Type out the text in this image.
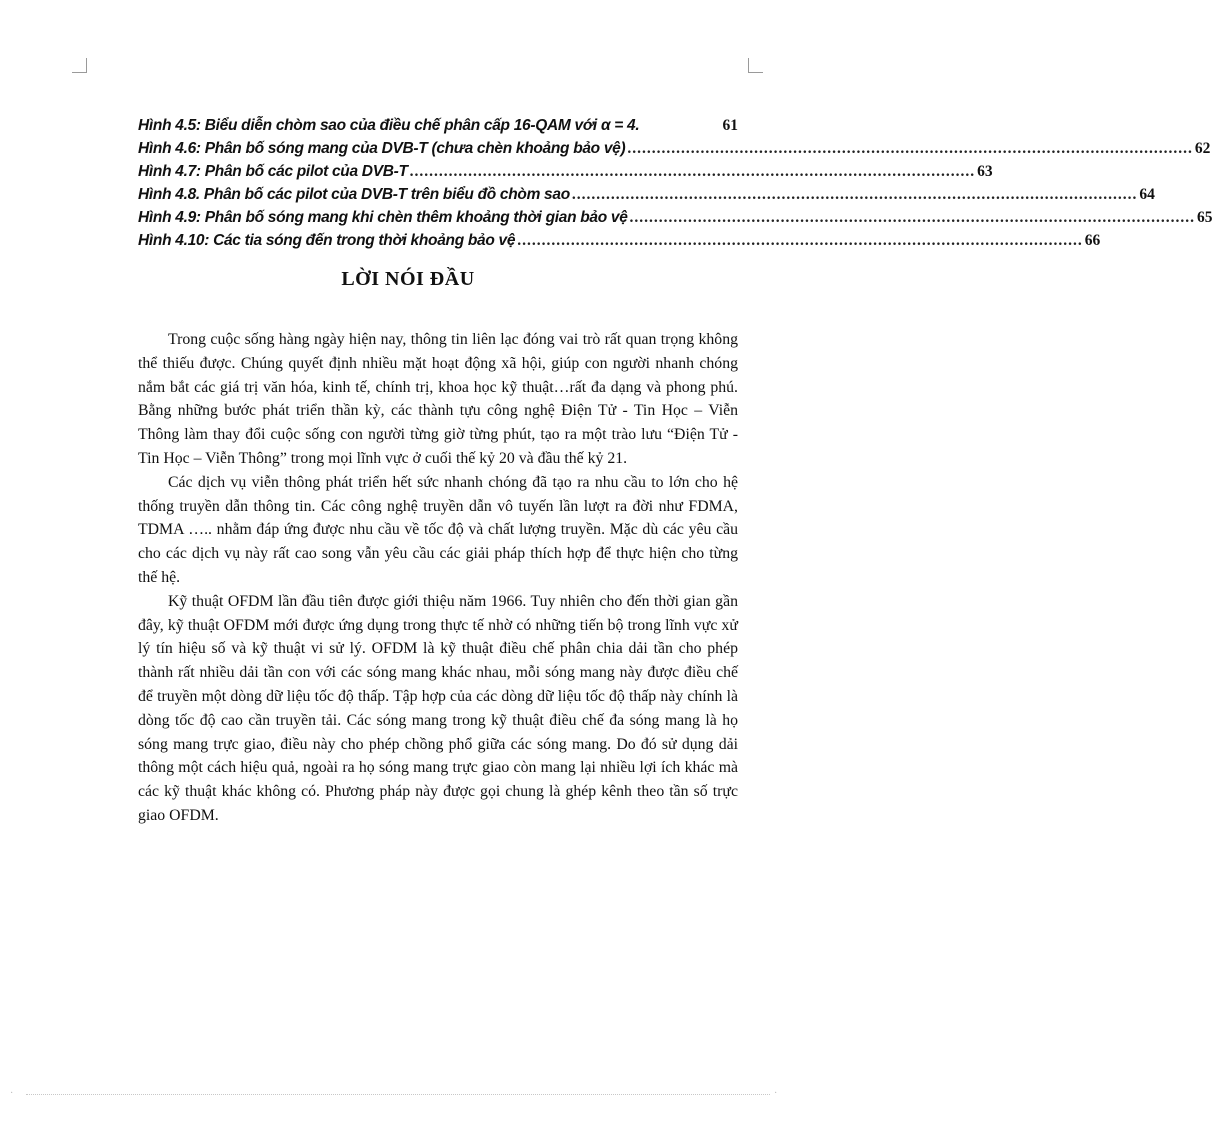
Hình 4.5: Biểu diễn chòm sao của điều chế phân cấp 16-QAM với α = 4.	61
Hình 4.6: Phân bố sóng mang của DVB-T (chưa chèn khoảng bảo vệ) .................................................................................................................... 62
Hình 4.7: Phân bố các pilot của DVB-T .................................................................................................................... 63
Hình 4.8. Phân bố các pilot của DVB-T trên biểu đồ chòm sao .................................................................................................................... 64
Hình 4.9: Phân bố sóng mang khi chèn thêm khoảng thời gian bảo vệ .................................................................................................................... 65
Hình 4.10: Các tia sóng đến trong thời khoảng bảo vệ .................................................................................................................... 66
LỜI NÓI ĐẦU

Trong cuộc sống hàng ngày hiện nay, thông tin liên lạc đóng vai trò rất quan trọng không thể thiếu được. Chúng quyết định nhiều mặt hoạt động xã hội, giúp con người nhanh chóng nắm bắt các giá trị văn hóa, kinh tế, chính trị, khoa học kỹ thuật…rất đa dạng và phong phú. Bằng những bước phát triển thần kỳ, các thành tựu công nghệ Điện Tử - Tin Học – Viễn Thông làm thay đổi cuộc sống con người từng giờ từng phút, tạo ra một trào lưu “Điện Tử - Tin Học – Viễn Thông” trong mọi lĩnh vực ở cuối thế kỷ 20 và đầu thế kỷ 21.

Các dịch vụ viễn thông phát triển hết sức nhanh chóng đã tạo ra nhu cầu to lớn cho hệ thống truyền dẫn thông tin. Các công nghệ truyền dẫn vô tuyến lần lượt ra đời như FDMA, TDMA ….. nhằm đáp ứng được nhu cầu về tốc độ và chất lượng truyền. Mặc dù các yêu cầu cho các dịch vụ này rất cao song vẫn yêu cầu các giải pháp thích hợp để thực hiện cho từng thế hệ.

Kỹ thuật OFDM lần đầu tiên được giới thiệu năm 1966. Tuy nhiên cho đến thời gian gần đây, kỹ thuật OFDM mới được ứng dụng trong thực tế nhờ có những tiến bộ trong lĩnh vực xử lý tín hiệu số và kỹ thuật vi sử lý. OFDM là kỹ thuật điều chế phân chia dải tần cho phép thành rất nhiều dải tần con với các sóng mang khác nhau, mỗi sóng mang này được điều chế để truyền một dòng dữ liệu tốc độ thấp. Tập hợp của các dòng dữ liệu tốc độ thấp này chính là dòng tốc độ cao cần truyền tải. Các sóng mang trong kỹ thuật điều chế đa sóng mang là họ sóng mang trực giao, điều này cho phép chồng phổ giữa các sóng mang. Do đó sử dụng dải thông một cách hiệu quả, ngoài ra họ sóng mang trực giao còn mang lại nhiều lợi ích khác mà các kỹ thuật khác không có. Phương pháp này được gọi chung là ghép kênh theo tần số trực giao OFDM.

·	·
